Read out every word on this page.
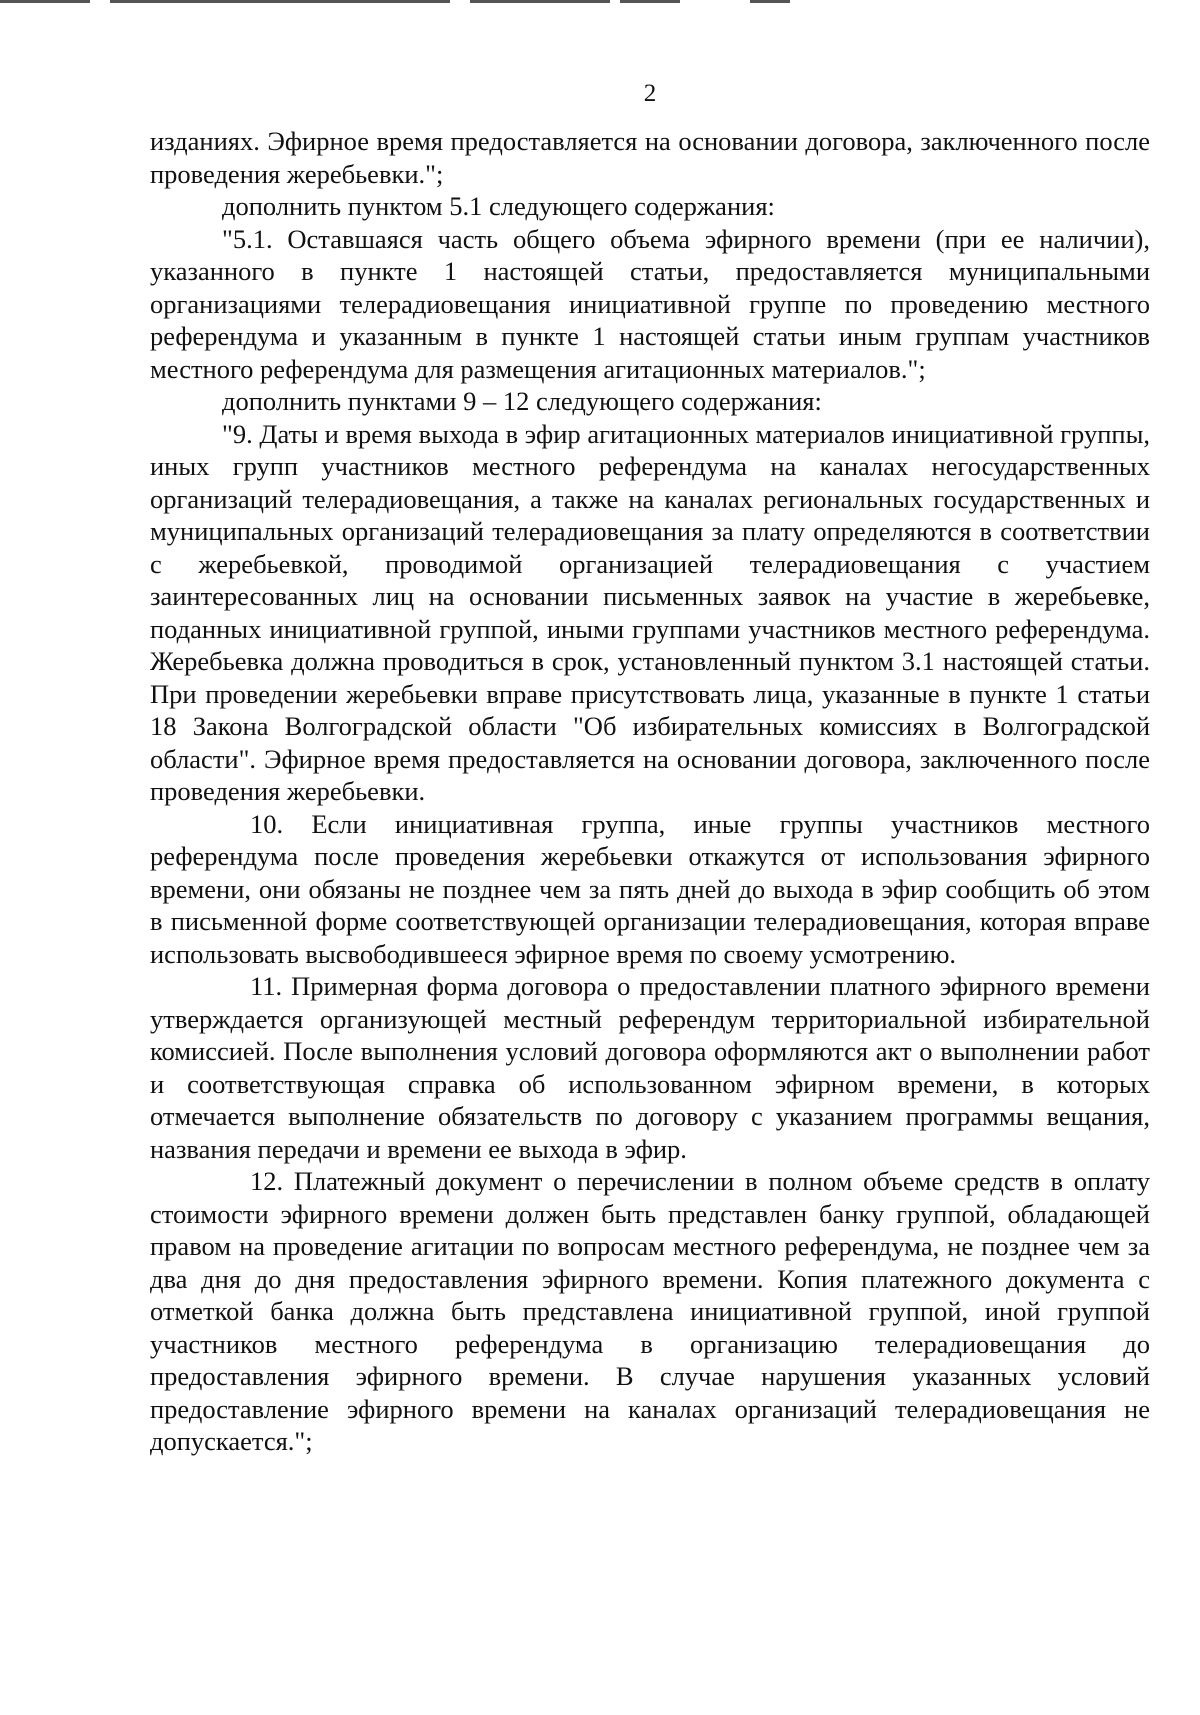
2

изданиях. Эфирное время предоставляется на основании договора, заключенного после проведения жеребьевки.";

дополнить пунктом 5.1 следующего содержания:

"5.1. Оставшаяся часть общего объема эфирного времени (при ее наличии), указанного в пункте 1 настоящей статьи, предоставляется муниципальными организациями телерадиовещания инициативной группе по проведению местного референдума и указанным в пункте 1 настоящей статьи иным группам участников местного референдума для размещения агитационных материалов.";

дополнить пунктами 9 – 12 следующего содержания:

"9. Даты и время выхода в эфир агитационных материалов инициативной группы, иных групп участников местного референдума на каналах негосударственных организаций телерадиовещания, а также на каналах региональных государственных и муниципальных организаций телерадиовещания за плату определяются в соответствии с жеребьевкой, проводимой организацией телерадиовещания с участием заинтересованных лиц на основании письменных заявок на участие в жеребьевке, поданных инициативной группой, иными группами участников местного референдума. Жеребьевка должна проводиться в срок, установленный пунктом 3.1 настоящей статьи. При проведении жеребьевки вправе присутствовать лица, указанные в пункте 1 статьи 18 Закона Волгоградской области "Об избирательных комиссиях в Волгоградской области". Эфирное время предоставляется на основании договора, заключенного после проведения жеребьевки.

10. Если инициативная группа, иные группы участников местного референдума после проведения жеребьевки откажутся от использования эфирного времени, они обязаны не позднее чем за пять дней до выхода в эфир сообщить об этом в письменной форме соответствующей организации телерадиовещания, которая вправе использовать высвободившееся эфирное время по своему усмотрению.

11. Примерная форма договора о предоставлении платного эфирного времени утверждается организующей местный референдум территориальной избирательной комиссией. После выполнения условий договора оформляются акт о выполнении работ и соответствующая справка об использованном эфирном времени, в которых отмечается выполнение обязательств по договору с указанием программы вещания, названия передачи и времени ее выхода в эфир.

12. Платежный документ о перечислении в полном объеме средств в оплату стоимости эфирного времени должен быть представлен банку группой, обладающей правом на проведение агитации по вопросам местного референдума, не позднее чем за два дня до дня предоставления эфирного времени. Копия платежного документа с отметкой банка должна быть представлена инициативной группой, иной группой участников местного референдума в организацию телерадиовещания до предоставления эфирного времени. В случае нарушения указанных условий предоставление эфирного времени на каналах организаций телерадиовещания не допускается.";
